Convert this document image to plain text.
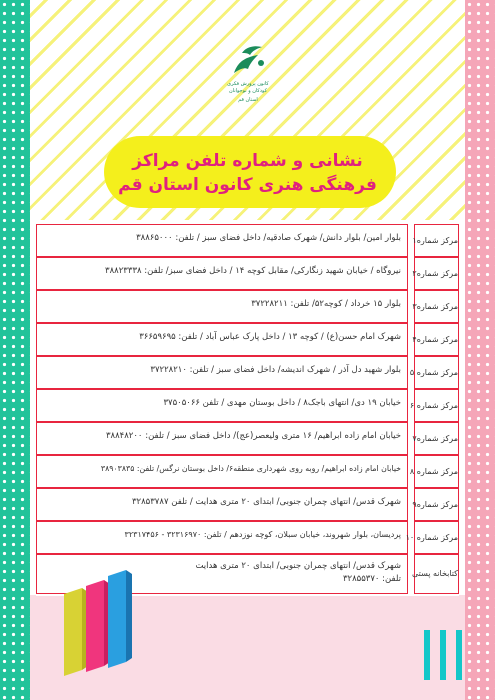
کانون پرورش فکری
کودکان و نوجوانان
استان قم
نشانی و شماره تلفن مراکز
فرهنگی هنری کانون استان قم
بلوار امین/ بلوار دانش/ شهرک صادقیه/ داخل فضای سبز / تلفن: ۳۸۸۶۵۰۰۰	مرکز شماره۱
نیروگاه / خیابان شهید زنگارکی/ مقابل کوچه ۱۴ / داخل فضای سبز/ تلفن: ۳۸۸۲۳۳۳۸	مرکز شماره۲
بلوار ۱۵ خرداد / کوچه۵۲/ تلفن: ۳۷۲۲۸۲۱۱	مرکز شماره۳
شهرک امام حسن(ع) / کوچه ۱۳ / داخل پارک عباس آباد / تلفن: ۳۶۶۵۹۶۹۵	مرکز شماره۴
بلوار شهید دل آذر / شهرک اندیشه/ داخل فضای سبز / تلفن: ۳۷۲۲۸۲۱۰	مرکز شماره ۵
خیابان ۱۹ دی/ انتهای باجک۸ / داخل بوستان مهدی / تلفن ۳۷۵۰۵۰۶۶	مرکز شماره ۶
خیابان امام زاده ابراهیم/ ۱۶ متری ولیعصر(عج)/ داخل فضای سبز / تلفن: ۳۸۸۴۸۲۰۰	مرکز شماره۷
خیابان امام زاده ابراهیم/ روبه روی شهرداری منطقه۶/ داخل بوستان نرگس/ تلفن: ۳۸۹۰۳۸۳۵	مرکز شماره ۸
شهرک قدس/ انتهای چمران جنوبی/ ابتدای ۲۰ متری هدایت / تلفن ۳۲۸۵۳۷۸۷	مرکز شماره۹
پردیسان، بلوار شهروند، خیابان سبلان، کوچه نوزدهم / تلفن: ۳۲۳۱۶۹۷۰ - ۳۲۳۱۷۴۵۶ مرکز شماره ۱۰
شهرک قدس/ انتهای چمران جنوبی/ ابتدای ۲۰ متری هدایت
تلفن: ۳۲۸۵۵۳۷۰
کتابخانه پستی
